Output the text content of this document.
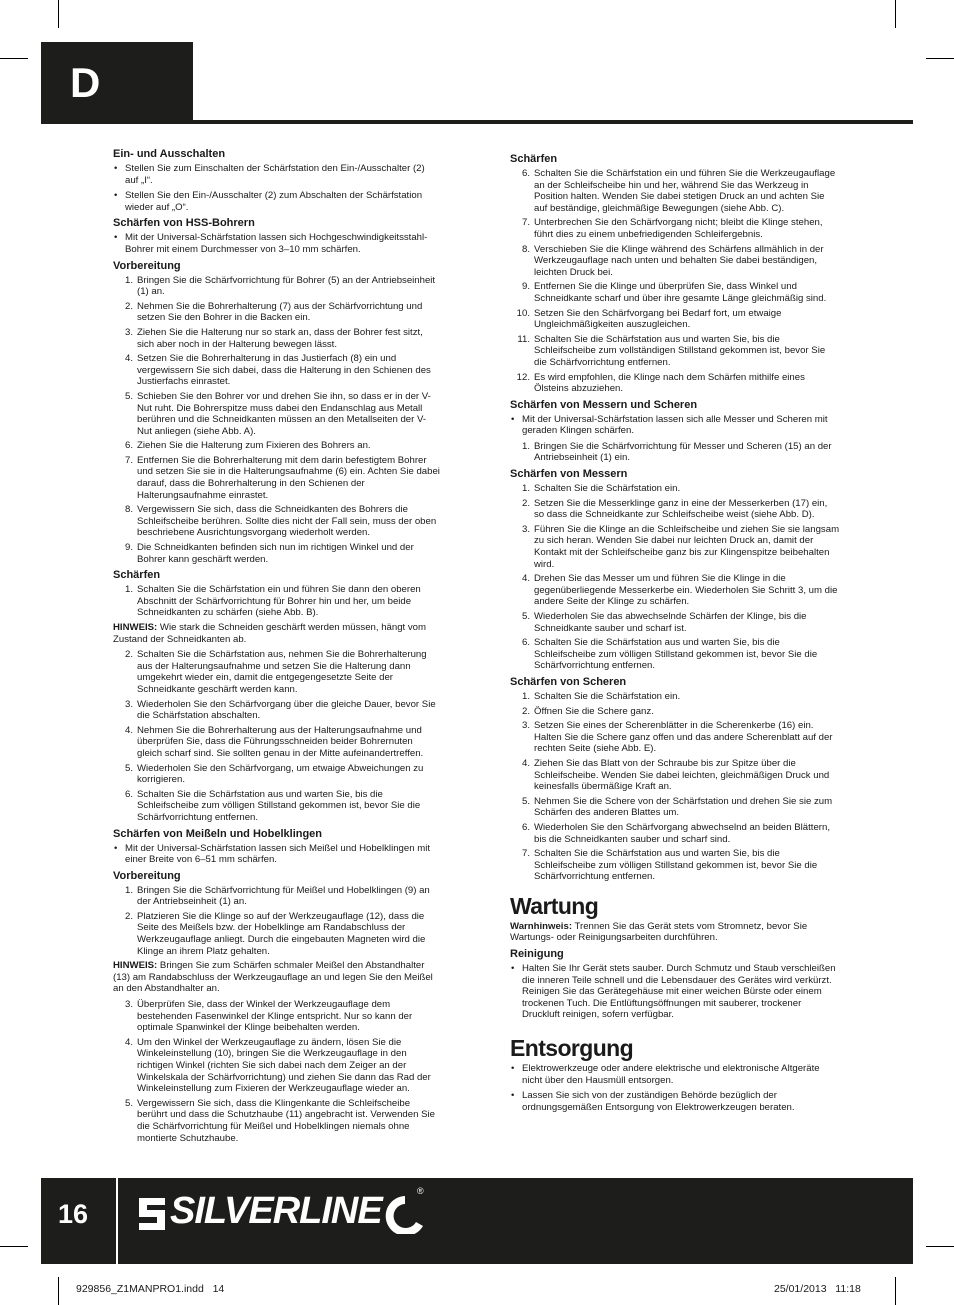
D
Ein- und Ausschalten
• Stellen Sie zum Einschalten der Schärfstation den Ein-/Ausschalter (2) auf „I“.
• Stellen Sie den Ein-/Ausschalter (2) zum Abschalten der Schärfstation wieder auf „O“.
Schärfen von HSS-Bohrern
• Mit der Universal-Schärfstation lassen sich Hochgeschwindigkeitsstahl-Bohrer mit einem Durchmesser von 3–10 mm schärfen.
Vorbereitung
1. Bringen Sie die Schärfvorrichtung für Bohrer (5) an der Antriebseinheit (1) an.
2. Nehmen Sie die Bohrerhalterung (7) aus der Schärfvorrichtung und setzen Sie den Bohrer in die Backen ein.
3. Ziehen Sie die Halterung nur so stark an, dass der Bohrer fest sitzt, sich aber noch in der Halterung bewegen lässt.
4. Setzen Sie die Bohrerhalterung in das Justierfach (8) ein und vergewissern Sie sich dabei, dass die Halterung in den Schienen des Justierfachs einrastet.
5. Schieben Sie den Bohrer vor und drehen Sie ihn, so dass er in der V-Nut ruht. Die Bohrerspitze muss dabei den Endanschlag aus Metall berühren und die Schneidkanten müssen an den Metallseiten der V-Nut anliegen (siehe Abb. A).
6. Ziehen Sie die Halterung zum Fixieren des Bohrers an.
7. Entfernen Sie die Bohrerhalterung mit dem darin befestigtem Bohrer und setzen Sie sie in die Halterungsaufnahme (6) ein. Achten Sie dabei darauf, dass die Bohrerhalterung in den Schienen der Halterungsaufnahme einrastet.
8. Vergewissern Sie sich, dass die Schneidkanten des Bohrers die Schleifscheibe berühren. Sollte dies nicht der Fall sein, muss der oben beschriebene Ausrichtungsvorgang wiederholt werden.
9. Die Schneidkanten befinden sich nun im richtigen Winkel und der Bohrer kann geschärft werden.
Schärfen
1. Schalten Sie die Schärfstation ein und führen Sie dann den oberen Abschnitt der Schärfvorrichtung für Bohrer hin und her, um beide Schneidkanten zu schärfen (siehe Abb. B).

HINWEIS: Wie stark die Schneiden geschärft werden müssen, hängt vom Zustand der Schneidkanten ab.

2. Schalten Sie die Schärfstation aus, nehmen Sie die Bohrerhalterung aus der Halterungsaufnahme und setzen Sie die Halterung dann umgekehrt wieder ein, damit die entgegengesetzte Seite der Schneidkante geschärft werden kann.
3. Wiederholen Sie den Schärfvorgang über die gleiche Dauer, bevor Sie die Schärfstation abschalten.
4. Nehmen Sie die Bohrerhalterung aus der Halterungsaufnahme und überprüfen Sie, dass die Führungsschneiden beider Bohrernuten gleich scharf sind. Sie sollten genau in der Mitte aufeinandertreffen.
5. Wiederholen Sie den Schärfvorgang, um etwaige Abweichungen zu korrigieren.
6. Schalten Sie die Schärfstation aus und warten Sie, bis die Schleifscheibe zum völligen Stillstand gekommen ist, bevor Sie die Schärfvorrichtung entfernen.
Schärfen von Meißeln und Hobelklingen
• Mit der Universal-Schärfstation lassen sich Meißel und Hobelklingen mit einer Breite von 6–51 mm schärfen.
Vorbereitung
1. Bringen Sie die Schärfvorrichtung für Meißel und Hobelklingen (9) an der Antriebseinheit (1) an.
2. Platzieren Sie die Klinge so auf der Werkzeugauflage (12), dass die Seite des Meißels bzw. der Hobelklinge am Randabschluss der Werkzeugauflage anliegt. Durch die eingebauten Magneten wird die Klinge an ihrem Platz gehalten.

HINWEIS: Bringen Sie zum Schärfen schmaler Meißel den Abstandhalter (13) am Randabschluss der Werkzeugauflage an und legen Sie den Meißel an den Abstandhalter an.

3. Überprüfen Sie, dass der Winkel der Werkzeugauflage dem bestehenden Fasenwinkel der Klinge entspricht. Nur so kann der optimale Spanwinkel der Klinge beibehalten werden.
4. Um den Winkel der Werkzeugauflage zu ändern, lösen Sie die Winkeleinstellung (10), bringen Sie die Werkzeugauflage in den richtigen Winkel (richten Sie sich dabei nach dem Zeiger an der Winkelskala der Schärfvorrichtung) und ziehen Sie dann das Rad der Winkeleinstellung zum Fixieren der Werkzeugauflage wieder an.
5. Vergewissern Sie sich, dass die Klingenkante die Schleifscheibe berührt und dass die Schutzhaube (11) angebracht ist. Verwenden Sie die Schärfvorrichtung für Meißel und Hobelklingen niemals ohne montierte Schutzhaube.
Schärfen
6. Schalten Sie die Schärfstation ein und führen Sie die Werkzeugauflage an der Schleifscheibe hin und her, während Sie das Werkzeug in Position halten. Wenden Sie dabei stetigen Druck an und achten Sie auf beständige, gleichmäßige Bewegungen (siehe Abb. C).
7. Unterbrechen Sie den Schärfvorgang nicht; bleibt die Klinge stehen, führt dies zu einem unbefriedigenden Schleifergebnis.
8. Verschieben Sie die Klinge während des Schärfens allmählich in der Werkzeugauflage nach unten und behalten Sie dabei beständigen, leichten Druck bei.
9. Entfernen Sie die Klinge und überprüfen Sie, dass Winkel und Schneidkante scharf und über ihre gesamte Länge gleichmäßig sind.
10. Setzen Sie den Schärfvorgang bei Bedarf fort, um etwaige Ungleichmäßigkeiten auszugleichen.
11. Schalten Sie die Schärfstation aus und warten Sie, bis die Schleifscheibe zum vollständigen Stillstand gekommen ist, bevor Sie die Schärfvorrichtung entfernen.
12. Es wird empfohlen, die Klinge nach dem Schärfen mithilfe eines Ölsteins abzuziehen.
Schärfen von Messern und Scheren
• Mit der Universal-Schärfstation lassen sich alle Messer und Scheren mit geraden Klingen schärfen.
1. Bringen Sie die Schärfvorrichtung für Messer und Scheren (15) an der Antriebseinheit (1) ein.
Schärfen von Messern
1. Schalten Sie die Schärfstation ein.
2. Setzen Sie die Messerklinge ganz in eine der Messerkerben (17) ein, so dass die Schneidkante zur Schleifscheibe weist (siehe Abb. D).
3. Führen Sie die Klinge an die Schleifscheibe und ziehen Sie sie langsam zu sich heran. Wenden Sie dabei nur leichten Druck an, damit der Kontakt mit der Schleifscheibe ganz bis zur Klingenspitze beibehalten wird.
4. Drehen Sie das Messer um und führen Sie die Klinge in die gegenüberliegende Messerkerbe ein. Wiederholen Sie Schritt 3, um die andere Seite der Klinge zu schärfen.
5. Wiederholen Sie das abwechselnde Schärfen der Klinge, bis die Schneidkante sauber und scharf ist.
6. Schalten Sie die Schärfstation aus und warten Sie, bis die Schleifscheibe zum völligen Stillstand gekommen ist, bevor Sie die Schärfvorrichtung entfernen.
Schärfen von Scheren
1. Schalten Sie die Schärfstation ein.
2. Öffnen Sie die Schere ganz.
3. Setzen Sie eines der Scherenblätter in die Scherenkerbe (16) ein. Halten Sie die Schere ganz offen und das andere Scherenblatt auf der rechten Seite (siehe Abb. E).
4. Ziehen Sie das Blatt von der Schraube bis zur Spitze über die Schleifscheibe. Wenden Sie dabei leichten, gleichmäßigen Druck und keinesfalls übermäßige Kraft an.
5. Nehmen Sie die Schere von der Schärfstation und drehen Sie sie zum Schärfen des anderen Blattes um.
6. Wiederholen Sie den Schärfvorgang abwechselnd an beiden Blättern, bis die Schneidkanten sauber und scharf sind.
7. Schalten Sie die Schärfstation aus und warten Sie, bis die Schleifscheibe zum völligen Stillstand gekommen ist, bevor Sie die Schärfvorrichtung entfernen.
Wartung

Warnhinweis: Trennen Sie das Gerät stets vom Stromnetz, bevor Sie Wartungs- oder Reinigungsarbeiten durchführen.

Reinigung
• Halten Sie Ihr Gerät stets sauber. Durch Schmutz und Staub verschleißen die inneren Teile schnell und die Lebensdauer des Gerätes wird verkürzt. Reinigen Sie das Gerätegehäuse mit einer weichen Bürste oder einem trockenen Tuch. Die Entlüftungsöffnungen mit sauberer, trockener Druckluft reinigen, sofern verfügbar.
Entsorgung
• Elektrowerkzeuge oder andere elektrische und elektronische Altgeräte nicht über den Hausmüll entsorgen.
• Lassen Sie sich von der zuständigen Behörde bezüglich der ordnungsgemäßen Entsorgung von Elektrowerkzeugen beraten.
16 SILVERLINE	®
929856_Z1MANPRO1.indd   14	25/01/2013   11:18
